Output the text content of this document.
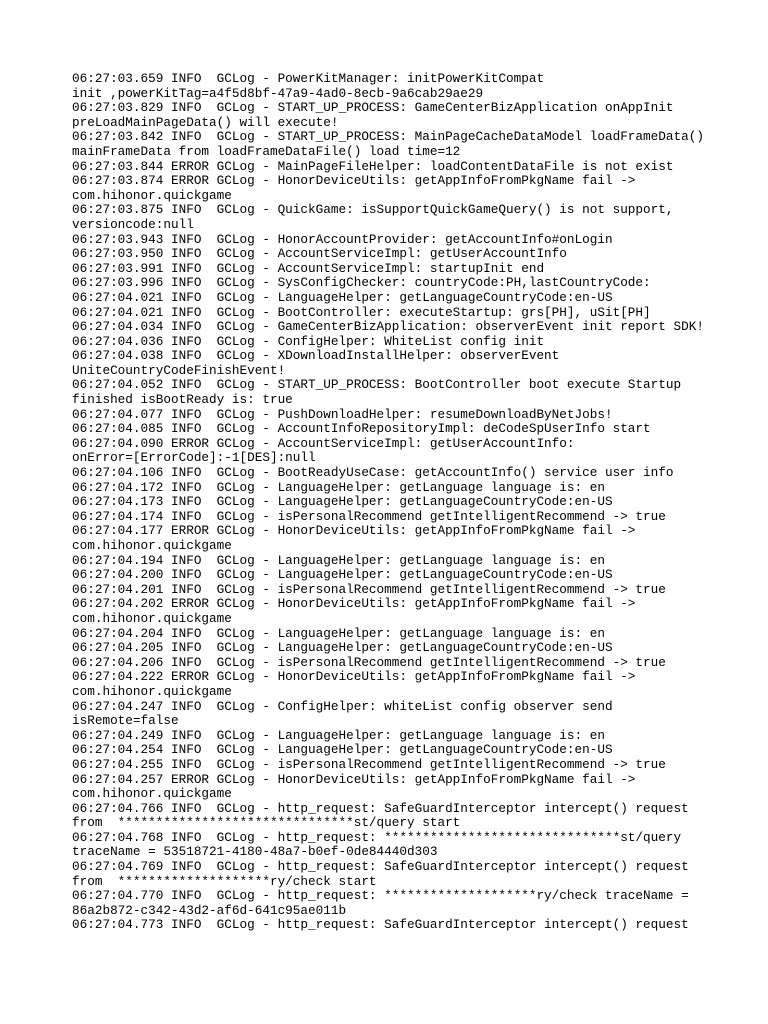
06:27:03.659 INFO  GCLog - PowerKitManager: initPowerKitCompat
init ,powerKitTag=a4f5d8bf-47a9-4ad0-8ecb-9a6cab29ae29
06:27:03.829 INFO  GCLog - START_UP_PROCESS: GameCenterBizApplication onAppInit
preLoadMainPageData() will execute!
06:27:03.842 INFO  GCLog - START_UP_PROCESS: MainPageCacheDataModel loadFrameData()
mainFrameData from loadFrameDataFile() load time=12
06:27:03.844 ERROR GCLog - MainPageFileHelper: loadContentDataFile is not exist
06:27:03.874 ERROR GCLog - HonorDeviceUtils: getAppInfoFromPkgName fail ->
com.hihonor.quickgame
06:27:03.875 INFO  GCLog - QuickGame: isSupportQuickGameQuery() is not support,
versioncode:null
06:27:03.943 INFO  GCLog - HonorAccountProvider: getAccountInfo#onLogin
06:27:03.950 INFO  GCLog - AccountServiceImpl: getUserAccountInfo
06:27:03.991 INFO  GCLog - AccountServiceImpl: startupInit end
06:27:03.996 INFO  GCLog - SysConfigChecker: countryCode:PH,lastCountryCode:
06:27:04.021 INFO  GCLog - LanguageHelper: getLanguageCountryCode:en-US
06:27:04.021 INFO  GCLog - BootController: executeStartup: grs[PH], uSit[PH]
06:27:04.034 INFO  GCLog - GameCenterBizApplication: observerEvent init report SDK!
06:27:04.036 INFO  GCLog - ConfigHelper: WhiteList config init
06:27:04.038 INFO  GCLog - XDownloadInstallHelper: observerEvent
UniteCountryCodeFinishEvent!
06:27:04.052 INFO  GCLog - START_UP_PROCESS: BootController boot execute Startup
finished isBootReady is: true
06:27:04.077 INFO  GCLog - PushDownloadHelper: resumeDownloadByNetJobs!
06:27:04.085 INFO  GCLog - AccountInfoRepositoryImpl: deCodeSpUserInfo start
06:27:04.090 ERROR GCLog - AccountServiceImpl: getUserAccountInfo:
onError=[ErrorCode]:-1[DES]:null
06:27:04.106 INFO  GCLog - BootReadyUseCase: getAccountInfo() service user info
06:27:04.172 INFO  GCLog - LanguageHelper: getLanguage language is: en
06:27:04.173 INFO  GCLog - LanguageHelper: getLanguageCountryCode:en-US
06:27:04.174 INFO  GCLog - isPersonalRecommend getIntelligentRecommend -> true
06:27:04.177 ERROR GCLog - HonorDeviceUtils: getAppInfoFromPkgName fail ->
com.hihonor.quickgame
06:27:04.194 INFO  GCLog - LanguageHelper: getLanguage language is: en
06:27:04.200 INFO  GCLog - LanguageHelper: getLanguageCountryCode:en-US
06:27:04.201 INFO  GCLog - isPersonalRecommend getIntelligentRecommend -> true
06:27:04.202 ERROR GCLog - HonorDeviceUtils: getAppInfoFromPkgName fail ->
com.hihonor.quickgame
06:27:04.204 INFO  GCLog - LanguageHelper: getLanguage language is: en
06:27:04.205 INFO  GCLog - LanguageHelper: getLanguageCountryCode:en-US
06:27:04.206 INFO  GCLog - isPersonalRecommend getIntelligentRecommend -> true
06:27:04.222 ERROR GCLog - HonorDeviceUtils: getAppInfoFromPkgName fail ->
com.hihonor.quickgame
06:27:04.247 INFO  GCLog - ConfigHelper: whiteList config observer send
isRemote=false
06:27:04.249 INFO  GCLog - LanguageHelper: getLanguage language is: en
06:27:04.254 INFO  GCLog - LanguageHelper: getLanguageCountryCode:en-US
06:27:04.255 INFO  GCLog - isPersonalRecommend getIntelligentRecommend -> true
06:27:04.257 ERROR GCLog - HonorDeviceUtils: getAppInfoFromPkgName fail ->
com.hihonor.quickgame
06:27:04.766 INFO  GCLog - http_request: SafeGuardInterceptor intercept() request
from  *******************************st/query start
06:27:04.768 INFO  GCLog - http_request: *******************************st/query
traceName = 53518721-4180-48a7-b0ef-0de84440d303
06:27:04.769 INFO  GCLog - http_request: SafeGuardInterceptor intercept() request
from  ********************ry/check start
06:27:04.770 INFO  GCLog - http_request: ********************ry/check traceName =
86a2b872-c342-43d2-af6d-641c95ae011b
06:27:04.773 INFO  GCLog - http_request: SafeGuardInterceptor intercept() request
